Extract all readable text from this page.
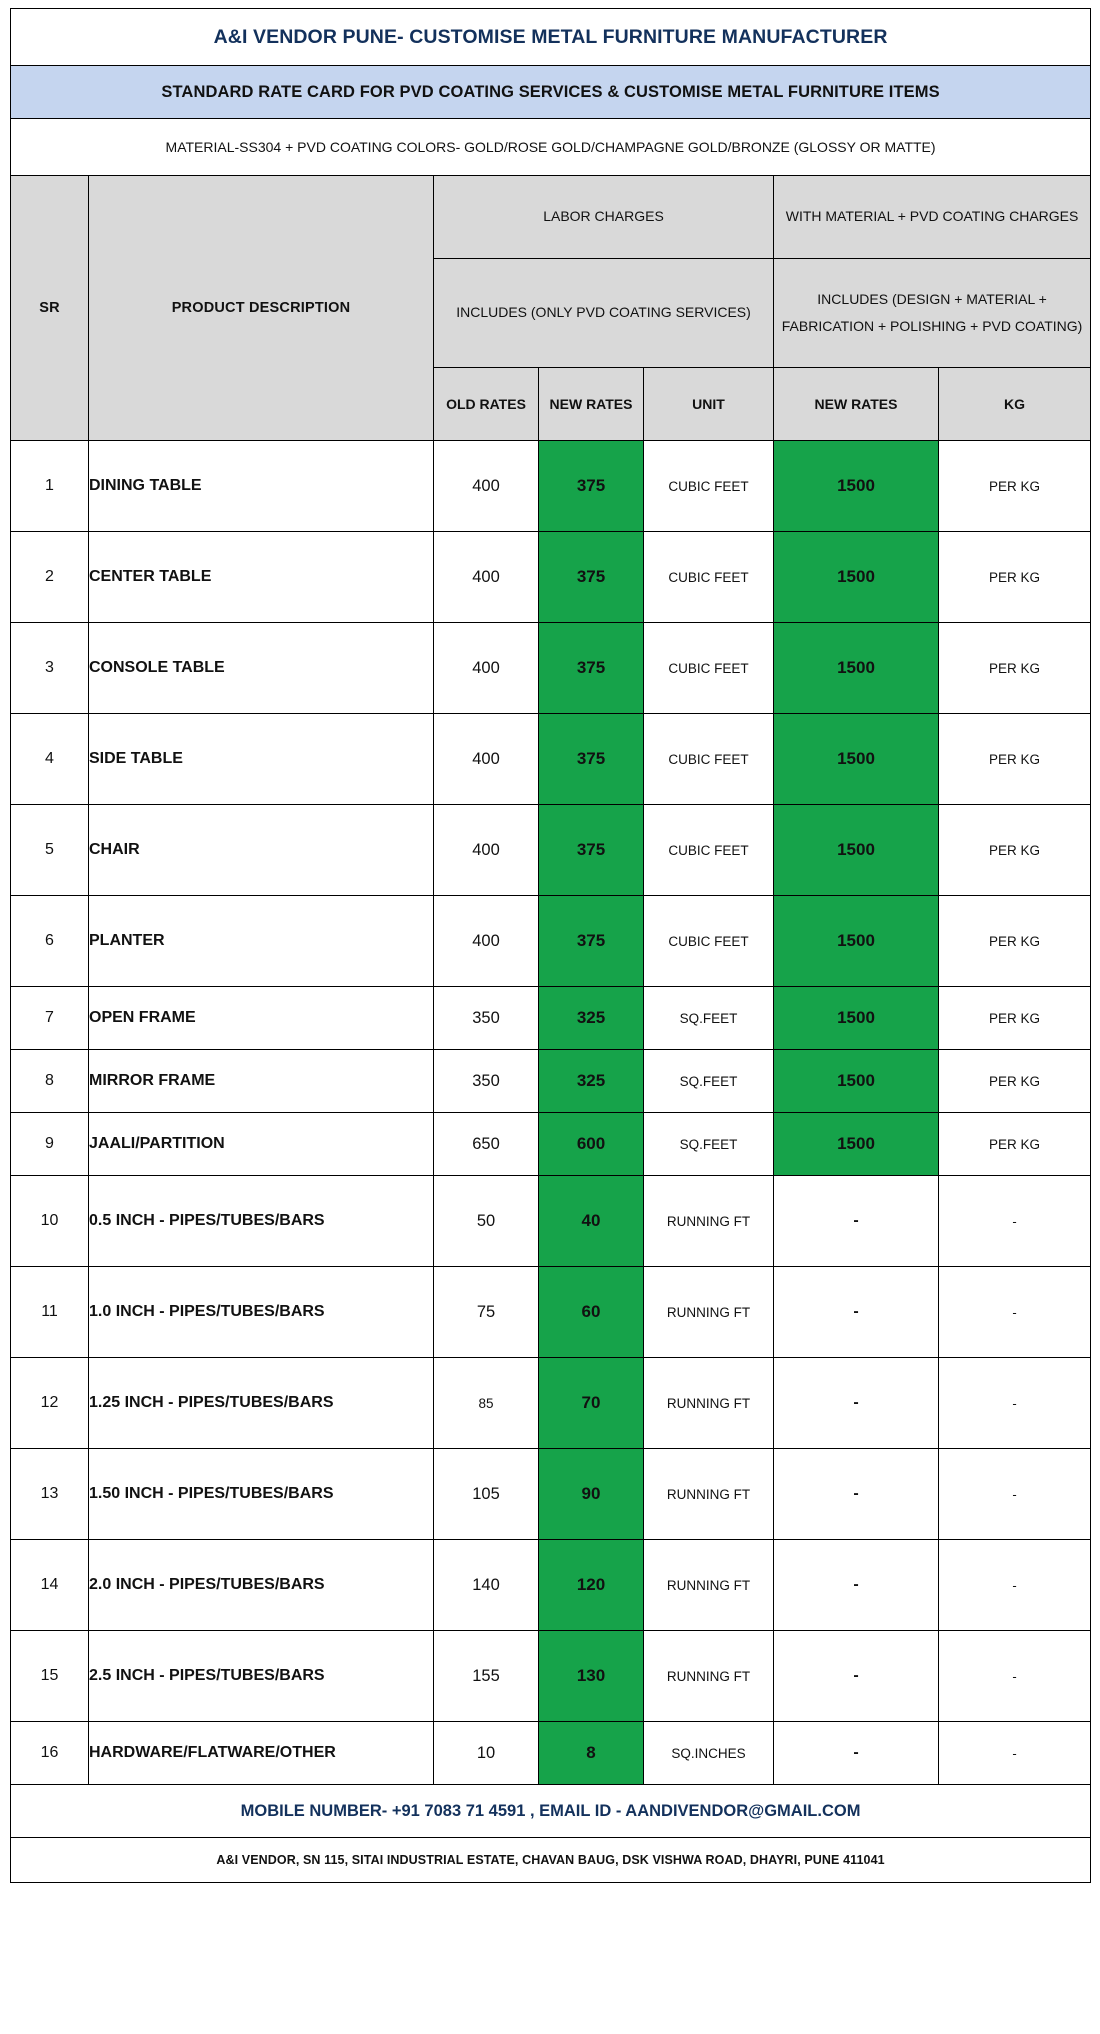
A&I VENDOR PUNE- CUSTOMISE METAL FURNITURE MANUFACTURER						
STANDARD RATE CARD FOR PVD COATING SERVICES & CUSTOMISE METAL FURNITURE ITEMS						
MATERIAL-SS304 + PVD COATING COLORS- GOLD/ROSE GOLD/CHAMPAGNE GOLD/BRONZE (GLOSSY OR MATTE)						
SR	PRODUCT DESCRIPTION	LABOR CHARGES			WITH MATERIAL + PVD COATING CHARGES	
		INCLUDES (ONLY PVD COATING SERVICES)			INCLUDES (DESIGN + MATERIAL + FABRICATION + POLISHING + PVD COATING)	
		OLD RATES	NEW RATES	UNIT	NEW RATES	KG
1	DINING TABLE	400	375	CUBIC FEET	1500	PER KG
2	CENTER TABLE	400	375	CUBIC FEET	1500	PER KG
3	CONSOLE TABLE	400	375	CUBIC FEET	1500	PER KG
4	SIDE TABLE	400	375	CUBIC FEET	1500	PER KG
5	CHAIR	400	375	CUBIC FEET	1500	PER KG
6	PLANTER	400	375	CUBIC FEET	1500	PER KG
7	OPEN FRAME	350	325	SQ.FEET	1500	PER KG
8	MIRROR FRAME	350	325	SQ.FEET	1500	PER KG
9	JAALI/PARTITION	650	600	SQ.FEET	1500	PER KG
10	0.5 INCH - PIPES/TUBES/BARS	50	40	RUNNING FT	-	-
11	1.0 INCH - PIPES/TUBES/BARS	75	60	RUNNING FT	-	-
12	1.25 INCH - PIPES/TUBES/BARS	85	70	RUNNING FT	-	-
13	1.50 INCH - PIPES/TUBES/BARS	105	90	RUNNING FT	-	-
14	2.0 INCH - PIPES/TUBES/BARS	140	120	RUNNING FT	-	-
15	2.5 INCH - PIPES/TUBES/BARS	155	130	RUNNING FT	-	-
16	HARDWARE/FLATWARE/OTHER	10	8	SQ.INCHES	-	-
MOBILE NUMBER- +91 7083 71 4591 , EMAIL ID - AANDIVENDOR@GMAIL.COM						
A&I VENDOR, SN 115, SITAI INDUSTRIAL ESTATE, CHAVAN BAUG, DSK VISHWA ROAD, DHAYRI, PUNE 411041						
